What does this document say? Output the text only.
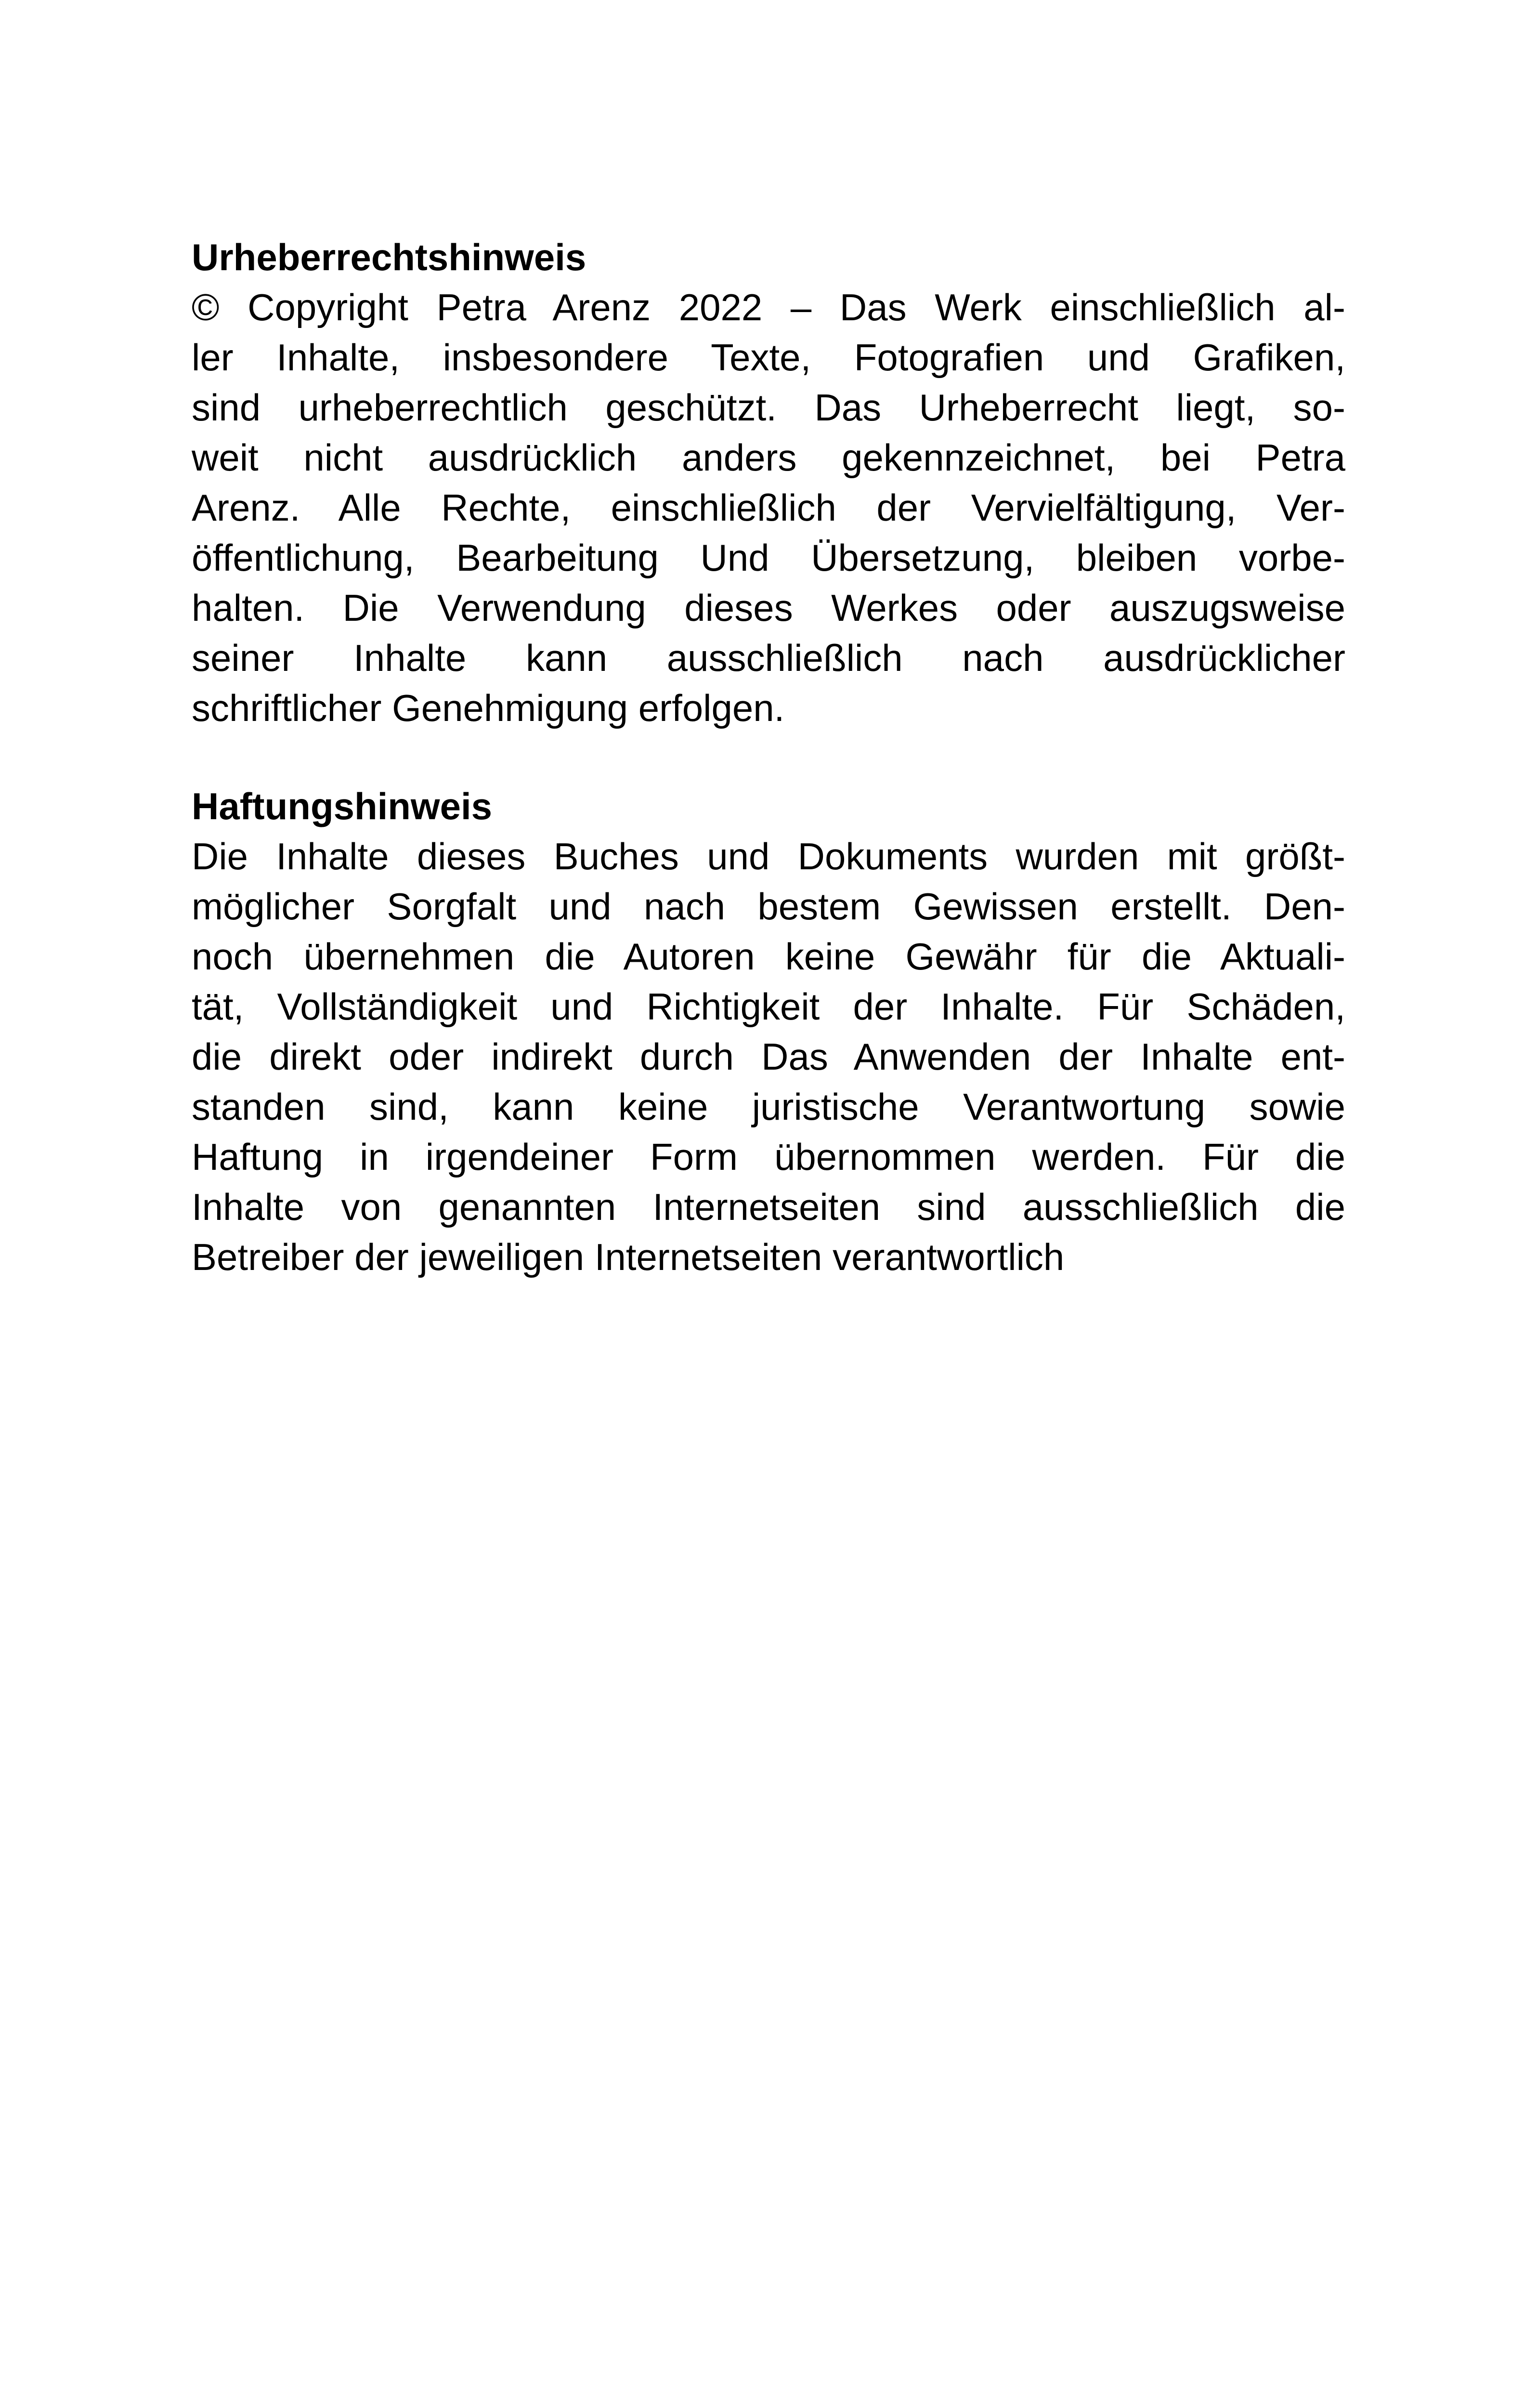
Urheberrechtshinweis
© Copyright Petra Arenz 2022 – Das Werk einschließlich al-
ler Inhalte, insbesondere Texte, Fotografien und Grafiken,
sind urheberrechtlich geschützt. Das Urheberrecht liegt, so-
weit nicht ausdrücklich anders gekennzeichnet, bei Petra
Arenz. Alle Rechte, einschließlich der Vervielfältigung, Ver-
öffentlichung, Bearbeitung Und Übersetzung, bleiben vorbe-
halten. Die Verwendung dieses Werkes oder auszugsweise
seiner Inhalte kann ausschließlich nach ausdrücklicher
schriftlicher Genehmigung erfolgen.
Haftungshinweis
Die Inhalte dieses Buches und Dokuments wurden mit größt-
möglicher Sorgfalt und nach bestem Gewissen erstellt. Den-
noch übernehmen die Autoren keine Gewähr für die Aktuali-
tät, Vollständigkeit und Richtigkeit der Inhalte. Für Schäden,
die direkt oder indirekt durch Das Anwenden der Inhalte ent-
standen sind, kann keine juristische Verantwortung sowie
Haftung in irgendeiner Form übernommen werden. Für die
Inhalte von genannten Internetseiten sind ausschließlich die
Betreiber der jeweiligen Internetseiten verantwortlich
